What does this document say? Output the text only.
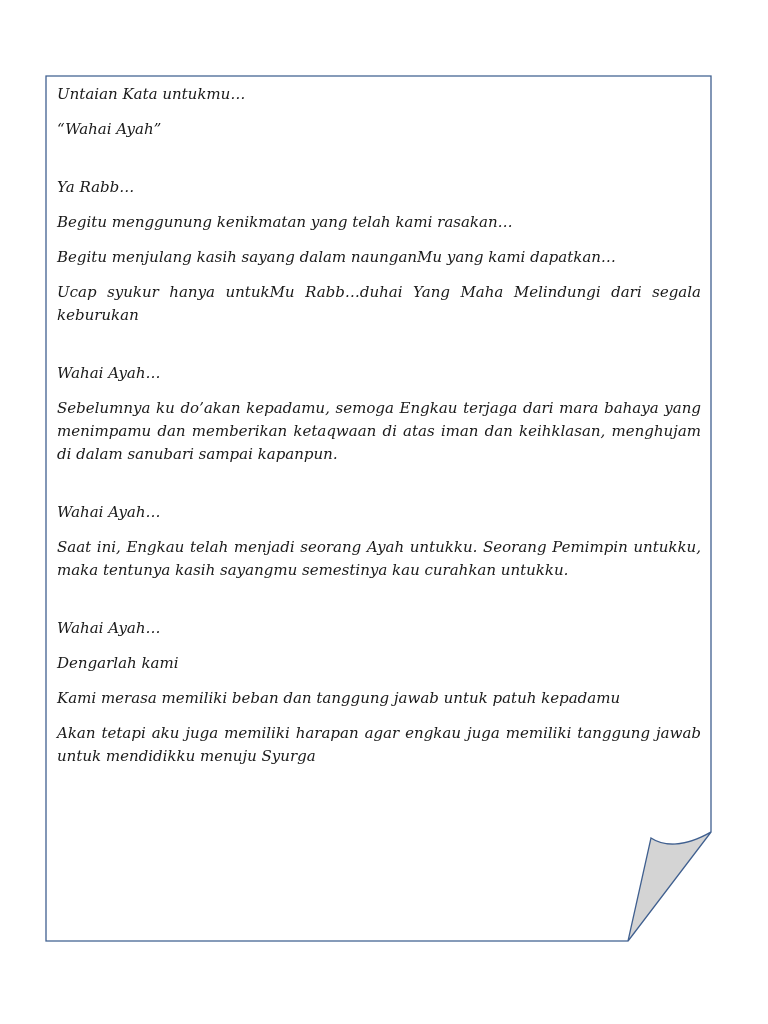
Untaian Kata untukmu…
“Wahai Ayah”
Ya Rabb…
Begitu menggunung kenikmatan yang telah kami rasakan…
Begitu menjulang kasih sayang dalam naunganMu yang kami dapatkan…
Ucap syukur hanya untukMu Rabb…duhai Yang Maha Melindungi dari segala keburukan
Wahai Ayah…
Sebelumnya ku do’akan kepadamu, semoga Engkau terjaga dari mara bahaya yang menimpamu dan memberikan ketaqwaan di atas iman dan keihklasan, menghujam di dalam sanubari sampai kapanpun.
Wahai Ayah…
Saat ini, Engkau telah menjadi seorang Ayah untukku. Seorang Pemimpin untukku, maka tentunya kasih sayangmu semestinya kau curahkan untukku.
Wahai Ayah…
Dengarlah kami
Kami merasa memiliki beban dan tanggung jawab untuk patuh kepadamu
Akan tetapi aku juga memiliki harapan agar engkau juga memiliki tanggung jawab untuk mendidikku menuju Syurga
